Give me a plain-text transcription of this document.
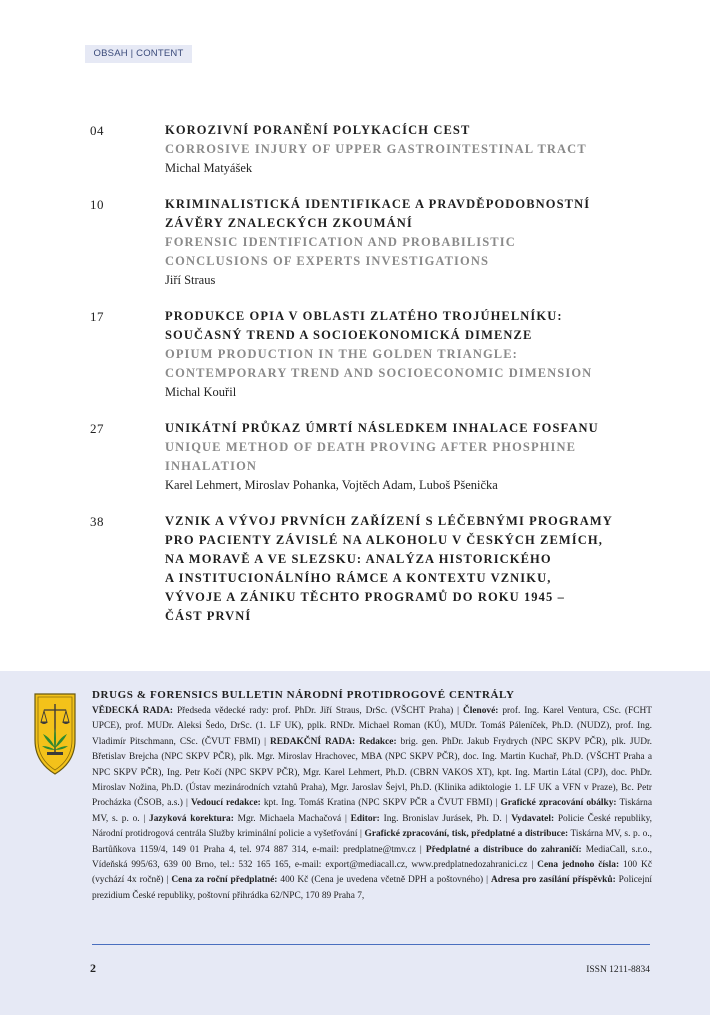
OBSAH | CONTENT
04	KOROZIVNÍ PORANĚNÍ POLYKACÍCH CEST
CORROSIVE INJURY OF UPPER GASTROINTESTINAL TRACT
Michal Matyášek
10	KRIMINALISTICKÁ IDENTIFIKACE A PRAVDĚPODOBNOSTNÍ
ZÁVĚRY ZNALECKÝCH ZKOUMÁNÍ
FORENSIC IDENTIFICATION AND PROBABILISTIC
CONCLUSIONS OF EXPERTS INVESTIGATIONS
Jiří Straus
17	PRODUKCE OPIA V OBLASTI ZLATÉHO TROJÚHELNÍKU:
SOUČASNÝ TREND A SOCIOEKONOMICKÁ DIMENZE
OPIUM PRODUCTION IN THE GOLDEN TRIANGLE:
CONTEMPORARY TREND AND SOCIOECONOMIC DIMENSION
Michal Kouřil
27	UNIKÁTNÍ PRŮKAZ ÚMRTÍ NÁSLEDKEM INHALACE FOSFANU
UNIQUE METHOD OF DEATH PROVING AFTER PHOSPHINE
INHALATION
Karel Lehmert, Miroslav Pohanka, Vojtěch Adam, Luboš Pšenička
38	VZNIK A VÝVOJ PRVNÍCH ZAŘÍZENÍ S LÉČEBNÝMI PROGRAMY
PRO PACIENTY ZÁVISLÉ NA ALKOHOLU V ČESKÝCH ZEMÍCH,
NA MORAVĚ A VE SLEZSKU: ANALÝZA HISTORICKÉHO
A INSTITUCIONÁLNÍHO RÁMCE A KONTEXTU VZNIKU,
VÝVOJE A ZÁNIKU TĚCHTO PROGRAMŮ DO ROKU 1945 –
ČÁST PRVNÍ
DRUGS & FORENSICS BULLETIN NÁRODNÍ PROTIDROGOVÉ CENTRÁLY
VĚDECKÁ RADA: Předseda vědecké rady: prof. PhDr. Jiří Straus, DrSc. (VŠCHT Praha) | Členové: prof. Ing. Karel Ventura, CSc. (FCHT UPCE), prof. MUDr. Aleksi Šedo, DrSc. (1. LF UK), pplk. RNDr. Michael Roman (KÚ), MUDr. Tomáš Páleníček, Ph.D. (NUDZ), prof. Ing. Vladimír Pitschmann, CSc. (ČVUT FBMI) | REDAKČNÍ RADA: Redakce: brig. gen. PhDr. Jakub Frydrych (NPC SKPV PČR), plk. JUDr. Břetislav Brejcha (NPC SKPV PČR), plk. Mgr. Miroslav Hrachovec, MBA (NPC SKPV PČR), doc. Ing. Martin Kuchař, Ph.D. (VŠCHT Praha a NPC SKPV PČR), Ing. Petr Kočí (NPC SKPV PČR), Mgr. Karel Lehmert, Ph.D. (CBRN VAKOS XT), kpt. Ing. Martin Látal (CPJ), doc. PhDr. Miroslav Nožina, Ph.D. (Ústav mezinárodních vztahů Praha), Mgr. Jaroslav Šejvl, Ph.D. (Klinika adiktologie 1. LF UK a VFN v Praze), Bc. Petr Procházka (ČSOB, a.s.) | Vedoucí redakce: kpt. Ing. Tomáš Kratina (NPC SKPV PČR a ČVUT FBMI) | Grafické zpracování obálky: Tiskárna MV, s. p. o. | Jazyková korektura: Mgr. Michaela Machačová | Editor: Ing. Bronislav Jurásek, Ph. D. | Vydavatel: Policie České republiky, Národní protidrogová centrála Služby kriminální policie a vyšetřování | Grafické zpracování, tisk, předplatné a distribuce: Tiskárna MV, s. p. o., Bartůňkova 1159/4, 149 01 Praha 4, tel. 974 887 314, e-mail: predplatne@tmv.cz | Předplatné a distribuce do zahraničí: MediaCall, s.r.o., Vídeňská 995/63, 639 00 Brno, tel.: 532 165 165, e-mail: export@mediacall.cz, www.predplatnedozahranici.cz | Cena jednoho čísla: 100 Kč (vychází 4x ročně) | Cena za roční předplatné: 400 Kč (Cena je uvedena včetně DPH a poštovného) | Adresa pro zasílání příspěvků: Policejní prezidium České republiky, poštovní přihrádka 62/NPC, 170 89 Praha 7,
2	ISSN 1211-8834
